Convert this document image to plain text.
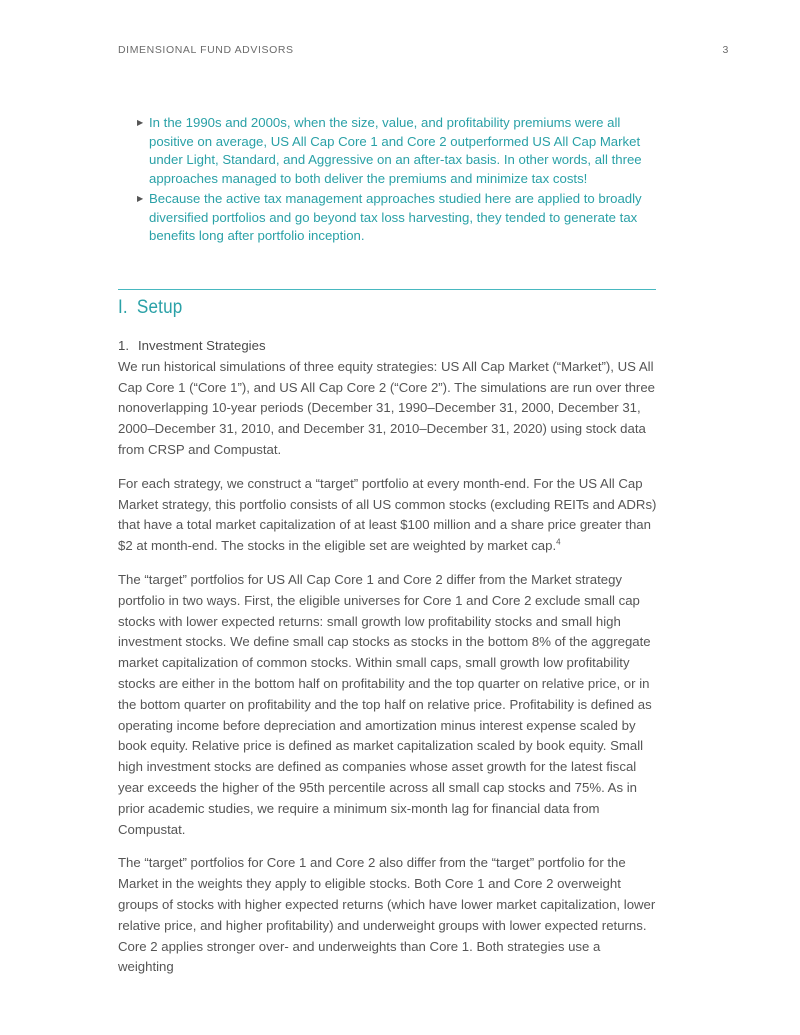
DIMENSIONAL FUND ADVISORS	3
▶ In the 1990s and 2000s, when the size, value, and profitability premiums were all positive on average, US All Cap Core 1 and Core 2 outperformed US All Cap Market under Light, Standard, and Aggressive on an after-tax basis. In other words, all three approaches managed to both deliver the premiums and minimize tax costs!
▶ Because the active tax management approaches studied here are applied to broadly diversified portfolios and go beyond tax loss harvesting, they tended to generate tax benefits long after portfolio inception.
I. Setup
1. Investment Strategies

We run historical simulations of three equity strategies: US All Cap Market (“Market”), US All Cap Core 1 (“Core 1”), and US All Cap Core 2 (“Core 2”). The simulations are run over three nonoverlapping 10-year periods (December 31, 1990–December 31, 2000, December 31, 2000–December 31, 2010, and December 31, 2010–December 31, 2020) using stock data from CRSP and Compustat.

For each strategy, we construct a “target” portfolio at every month-end. For the US All Cap Market strategy, this portfolio consists of all US common stocks (excluding REITs and ADRs) that have a total market capitalization of at least $100 million and a share price greater than $2 at month-end. The stocks in the eligible set are weighted by market cap.$^4$

The “target” portfolios for US All Cap Core 1 and Core 2 differ from the Market strategy portfolio in two ways. First, the eligible universes for Core 1 and Core 2 exclude small cap stocks with lower expected returns: small growth low profitability stocks and small high investment stocks. We define small cap stocks as stocks in the bottom 8% of the aggregate market capitalization of common stocks. Within small caps, small growth low profitability stocks are either in the bottom half on profitability and the top quarter on relative price, or in the bottom quarter on profitability and the top half on relative price. Profitability is defined as operating income before depreciation and amortization minus interest expense scaled by book equity. Relative price is defined as market capitalization scaled by book equity. Small high investment stocks are defined as companies whose asset growth for the latest fiscal year exceeds the higher of the 95th percentile across all small cap stocks and 75%. As in prior academic studies, we require a minimum six-month lag for financial data from Compustat.

The “target” portfolios for Core 1 and Core 2 also differ from the “target” portfolio for the Market in the weights they apply to eligible stocks. Both Core 1 and Core 2 overweight groups of stocks with higher expected returns (which have lower market capitalization, lower relative price, and higher profitability) and underweight groups with lower expected returns. Core 2 applies stronger over- and underweights than Core 1. Both strategies use a weighting
